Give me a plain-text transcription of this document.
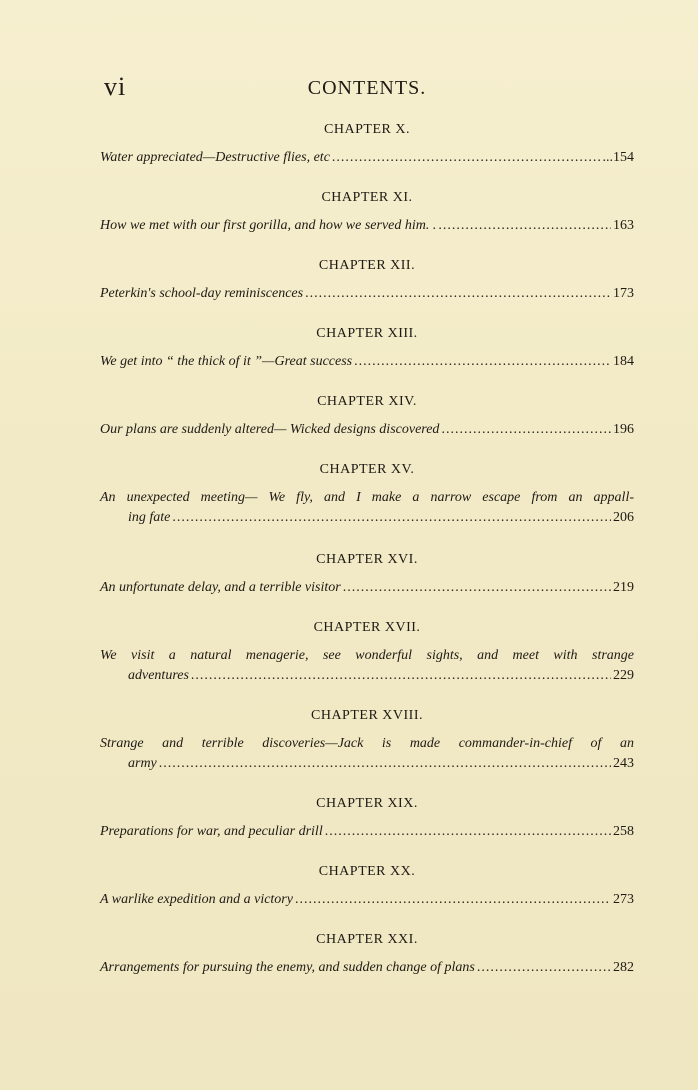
vi	CONTENTS.
CHAPTER X.
Water appreciated—Destructive flies, etc .....	...154
CHAPTER XI.
How we met with our first gorilla, and how we served him. . .....	163
CHAPTER XII.
Peterkin's school-day reminiscences .....	173
CHAPTER XIII.
We get into “ the thick of it ”—Great success .....	184
CHAPTER XIV.
Our plans are suddenly altered— Wicked designs discovered .....	196
CHAPTER XV.
An unexpected meeting— We fly, and I make a narrow escape from an appall-
ing fate .....	206
CHAPTER XVI.
An unfortunate delay, and a terrible visitor .....	219
CHAPTER XVII.
We visit a natural menagerie, see wonderful sights, and meet with strange
adventures .....	229
CHAPTER XVIII.
Strange and terrible discoveries—Jack is made commander-in-chief of an
army .....	243
CHAPTER XIX.
Preparations for war, and peculiar drill .....	258
CHAPTER XX.
A warlike expedition and a victory .....	273
CHAPTER XXI.
Arrangements for pursuing the enemy, and sudden change of plans .....	282
